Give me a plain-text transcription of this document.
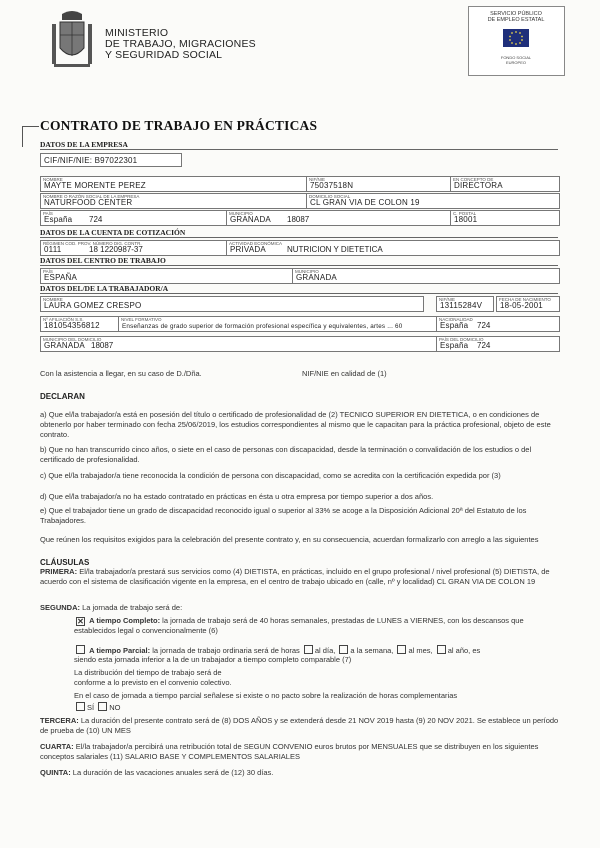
MINISTERIO
DE TRABAJO, MIGRACIONES
Y SEGURIDAD SOCIAL
SERVICIO PÚBLICO
DE EMPLEO ESTATAL
FONDO SOCIAL EUROPEO
CONTRATO DE TRABAJO EN PRÁCTICAS
DATOS DE LA EMPRESA
CIF/NIF/NIE: B97022301
NOMBRE
MAYTE MORENTE PEREZ
NIF/NIE
75037518N
EN CONCEPTO DE
DIRECTORA
NOMBRE O RAZÓN SOCIAL DE LA EMPRESA
NATURFOOD CENTER
DOMICILIO SOCIAL
CL GRAN VIA DE COLON 19
PAÍS
España 724
MUNICIPIO
GRANADA 18087
C. POSTAL
18001
DATOS DE LA CUENTA DE COTIZACIÓN
RÉGIMEN COD. PROV. NÚMERO DIG. CONTR.
0111	18 1220987-37
ACTIVIDAD ECONÓMICA
PRIVADA	NUTRICION Y DIETETICA
DATOS DEL CENTRO DE TRABAJO
PAÍS
ESPAÑA
MUNICIPIO
GRANADA
DATOS DEL/DE LA TRABAJADOR/A
NOMBRE
LAURA GOMEZ CRESPO
NIF/NIE
13115284V
FECHA DE NACIMIENTO
18-05-2001
Nº AFILIACIÓN S.S.
181054356812
NIVEL FORMATIVO
Enseñanzas de grado superior de formación profesional específica y equivalentes, artes ... 60
NACIONALIDAD
España 724
MUNICIPIO DEL DOMICILIO
GRANADA 18087
PAÍS DEL DOMICILIO
España 724
Con la asistencia a llegar, en su caso de D./Dña.	NIF/NIE en calidad de (1)
DECLARAN
a) Que el/la trabajador/a está en posesión del título o certificado de profesionalidad de (2) TECNICO SUPERIOR EN DIETETICA, o en condiciones de obtenerlo por haber terminado con fecha 25/06/2019, los estudios correspondientes al mismo que le capacitan para la práctica profesional, objeto de este contrato.
b) Que no han transcurrido cinco años, o siete en el caso de personas con discapacidad, desde la terminación o convalidación de los estudios o del certificado de profesionalidad.
c) Que el/la trabajador/a tiene reconocida la condición de persona con discapacidad, como se acredita con la certificación expedida por (3)
d) Que el/la trabajador/a no ha estado contratado en prácticas en ésta u otra empresa por tiempo superior a dos años.
e) Que el trabajador tiene un grado de discapacidad reconocido igual o superior al 33% se acoge a la Disposición Adicional 20ª del Estatuto de los Trabajadores.
Que reúnen los requisitos exigidos para la celebración del presente contrato y, en su consecuencia, acuerdan formalizarlo con arreglo a las siguientes
CLÁUSULAS
PRIMERA: El/la trabajador/a prestará sus servicios como (4) DIETISTA, en prácticas, incluido en el grupo profesional / nivel profesional (5) DIETISTA, de acuerdo con el sistema de clasificación vigente en la empresa, en el centro de trabajo ubicado en (calle, nº y localidad) CL GRAN VIA DE COLON 19
SEGUNDA: La jornada de trabajo será de:
✕ A tiempo Completo: la jornada de trabajo será de 40 horas semanales, prestadas de LUNES a VIERNES, con los descansos que establecidos legal o convencionalmente (6)
A tiempo Parcial: la jornada de trabajo ordinaria será de horas al día, a la semana, al mes, al año, es
siendo esta jornada inferior a la de un trabajador a tiempo completo comparable (7)
La distribución del tiempo de trabajo será de
conforme a lo previsto en el convenio colectivo.
En el caso de jornada a tiempo parcial señalese si existe o no pacto sobre la realización de horas complementarias
SÍ NO
TERCERA: La duración del presente contrato será de (8) DOS AÑOS y se extenderá desde 21 NOV 2019 hasta (9) 20 NOV 2021. Se establece un período de prueba de (10) UN MES
CUARTA: El/la trabajador/a percibirá una retribución total de SEGUN CONVENIO euros brutos por MENSUALES que se distribuyen en los siguientes conceptos salariales (11) SALARIO BASE Y COMPLEMENTOS SALARIALES
QUINTA: La duración de las vacaciones anuales será de (12) 30 días.
